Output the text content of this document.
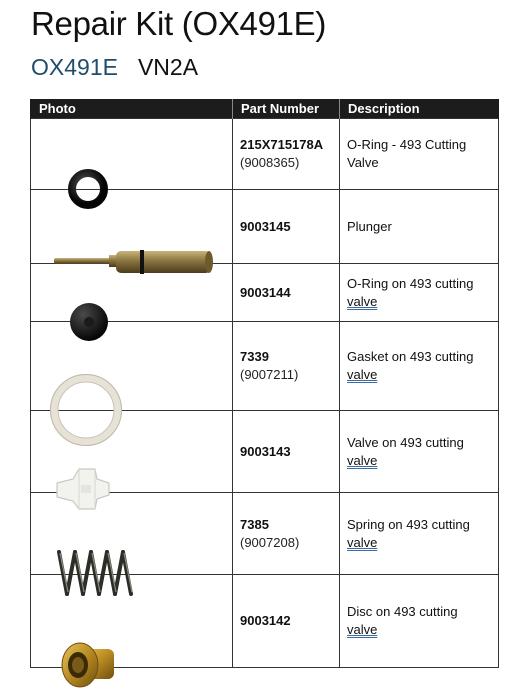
Repair Kit (OX491E)
OX491E VN2A
Photo	Part Number	Description

215X715178A
(9008365)	O-Ring - 493 Cutting
Valve

9003145	Plunger

9003144	O-Ring on 493 cutting
valve

7339
(9007211)	Gasket on 493 cutting
valve

9003143	Valve on 493 cutting
valve

7385
(9007208)	Spring on 493 cutting
valve

9003142	Disc on 493 cutting
valve
